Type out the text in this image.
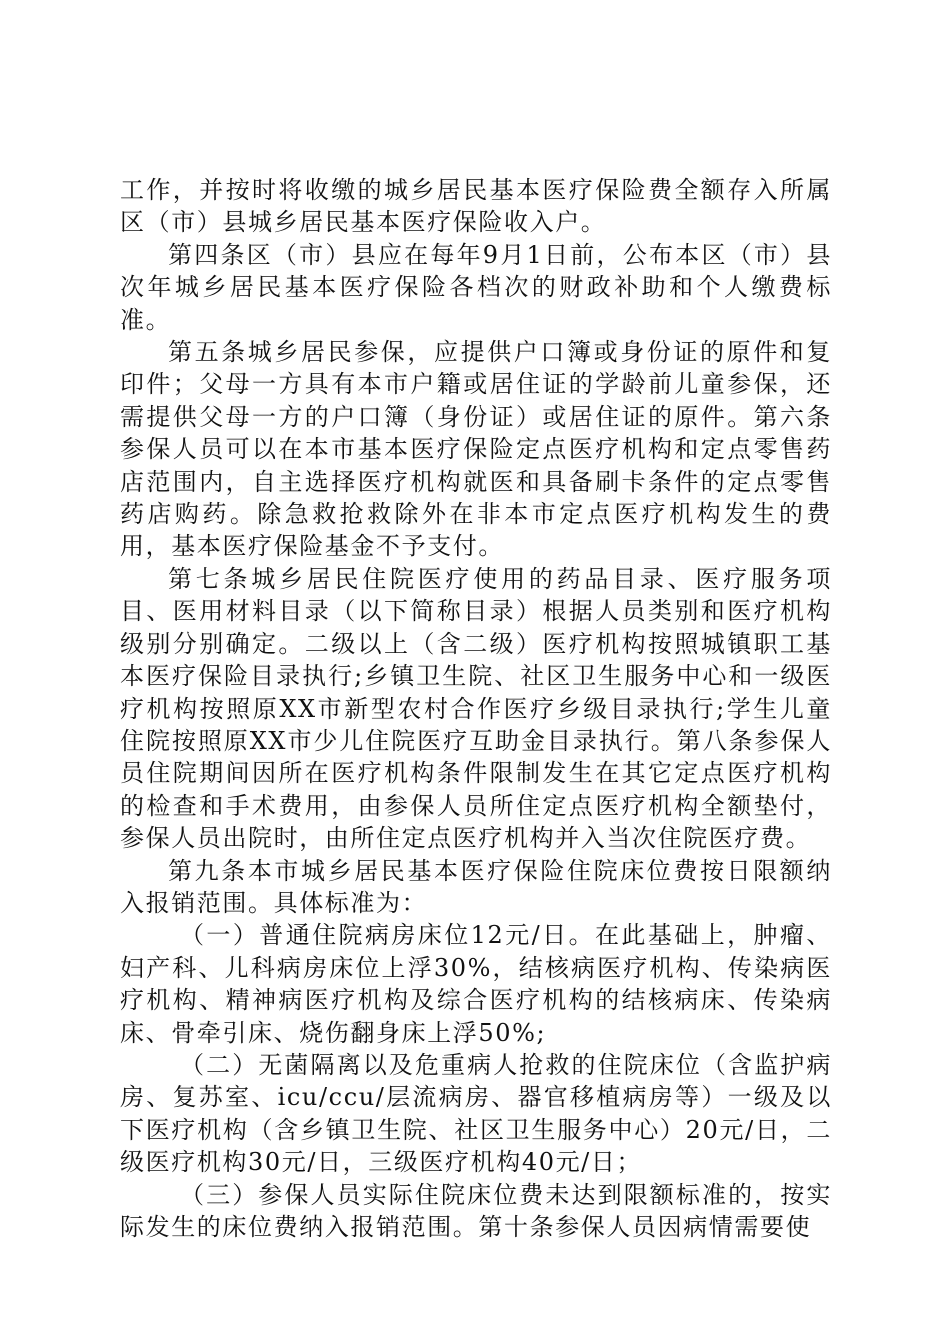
工作，并按时将收缴的城乡居民基本医疗保险费全额存入所属区（市）县城乡居民基本医疗保险收入户。

第四条区（市）县应在每年9月1日前，公布本区（市）县次年城乡居民基本医疗保险各档次的财政补助和个人缴费标准。

第五条城乡居民参保，应提供户口簿或身份证的原件和复印件；父母一方具有本市户籍或居住证的学龄前儿童参保，还需提供父母一方的户口簿（身份证）或居住证的原件。第六条参保人员可以在本市基本医疗保险定点医疗机构和定点零售药店范围内，自主选择医疗机构就医和具备刷卡条件的定点零售药店购药。除急救抢救除外在非本市定点医疗机构发生的费用，基本医疗保险基金不予支付。

第七条城乡居民住院医疗使用的药品目录、医疗服务项目、医用材料目录（以下简称目录）根据人员类别和医疗机构级别分别确定。二级以上（含二级）医疗机构按照城镇职工基本医疗保险目录执行;乡镇卫生院、社区卫生服务中心和一级医疗机构按照原XX市新型农村合作医疗乡级目录执行;学生儿童住院按照原XX市少儿住院医疗互助金目录执行。第八条参保人员住院期间因所在医疗机构条件限制发生在其它定点医疗机构的检查和手术费用，由参保人员所住定点医疗机构全额垫付，参保人员出院时，由所住定点医疗机构并入当次住院医疗费。

第九条本市城乡居民基本医疗保险住院床位费按日限额纳入报销范围。具体标准为：

（一）普通住院病房床位12元/日。在此基础上，肿瘤、妇产科、儿科病房床位上浮30%，结核病医疗机构、传染病医疗机构、精神病医疗机构及综合医疗机构的结核病床、传染病床、骨牵引床、烧伤翻身床上浮50%;

（二）无菌隔离以及危重病人抢救的住院床位（含监护病房、复苏室、icu/ccu/层流病房、器官移植病房等）一级及以下医疗机构（含乡镇卫生院、社区卫生服务中心）20元/日，二级医疗机构30元/日，三级医疗机构40元/日；

（三）参保人员实际住院床位费未达到限额标准的，按实际发生的床位费纳入报销范围。第十条参保人员因病情需要使
